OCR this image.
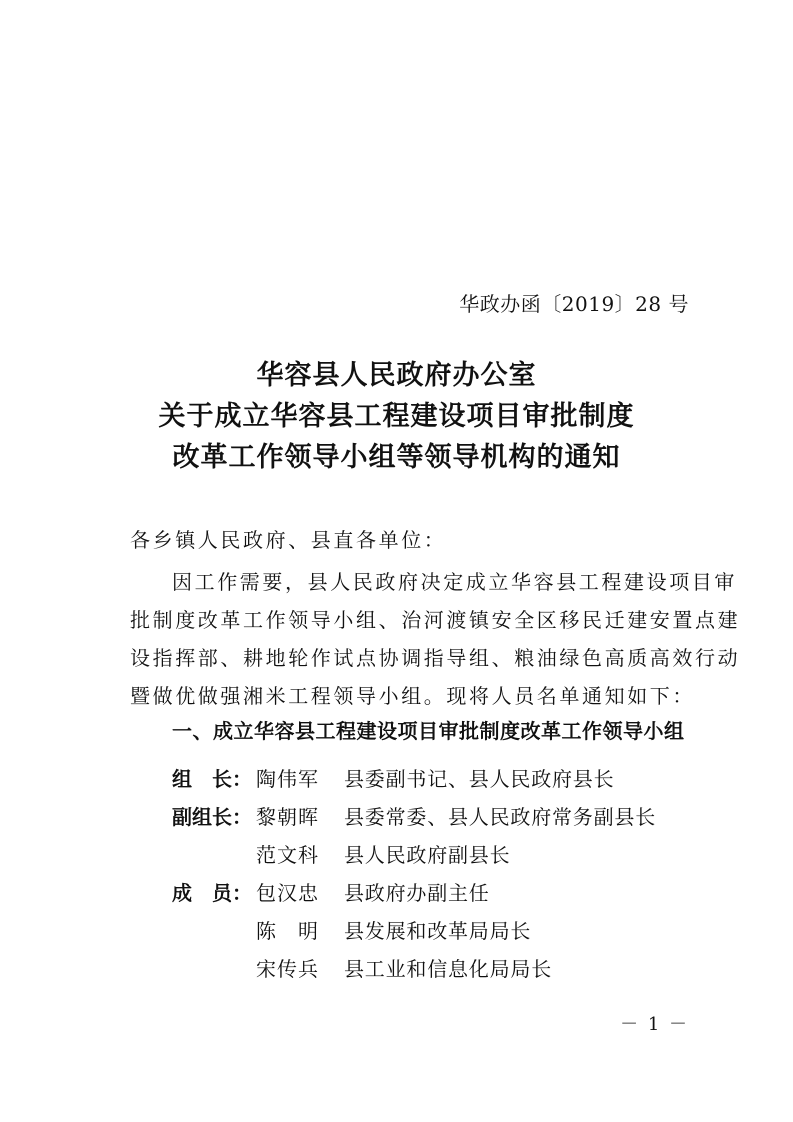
华政办函〔2019〕28 号
华容县人民政府办公室
关于成立华容县工程建设项目审批制度
改革工作领导小组等领导机构的通知
各乡镇人民政府、县直各单位：
因工作需要，县人民政府决定成立华容县工程建设项目审
批制度改革工作领导小组、治河渡镇安全区移民迁建安置点建
设指挥部、耕地轮作试点协调指导组、粮油绿色高质高效行动
暨做优做强湘米工程领导小组。现将人员名单通知如下：
一、成立华容县工程建设项目审批制度改革工作领导小组
组　长： 陶伟军	县委副书记、县人民政府县长
副组长： 黎朝晖	县委常委、县人民政府常务副县长
范文科	县人民政府副县长
成　员： 包汉忠	县政府办副主任
陈　明	县发展和改革局局长
宋传兵	县工业和信息化局局长
－ 1 －
